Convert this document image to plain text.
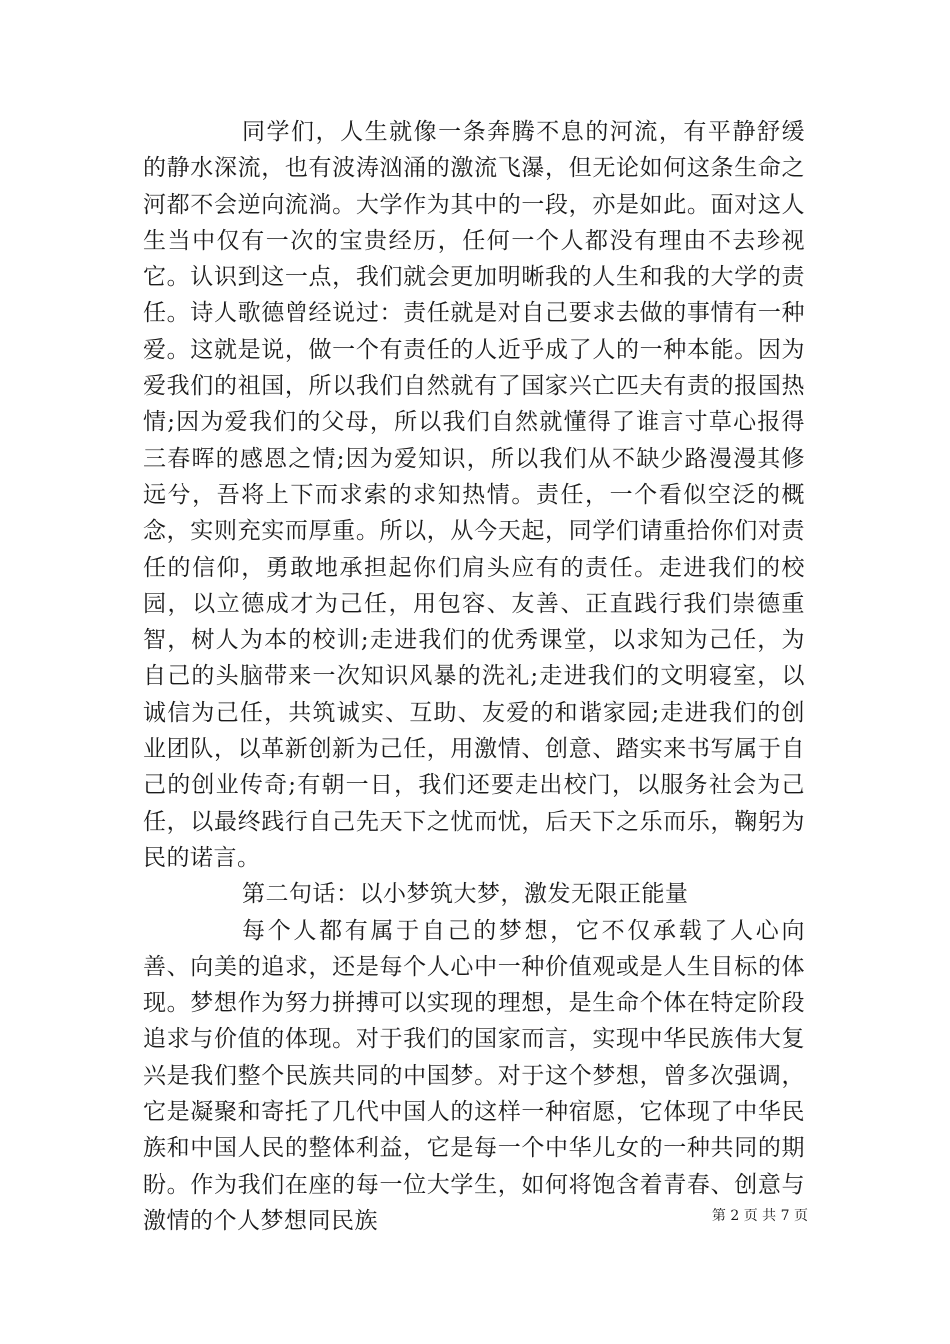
同学们，人生就像一条奔腾不息的河流，有平静舒缓的静水深流，也有波涛汹涌的激流飞瀑，但无论如何这条生命之河都不会逆向流淌。大学作为其中的一段，亦是如此。面对这人生当中仅有一次的宝贵经历，任何一个人都没有理由不去珍视它。认识到这一点，我们就会更加明晰我的人生和我的大学的责任。诗人歌德曾经说过：责任就是对自己要求去做的事情有一种爱。这就是说，做一个有责任的人近乎成了人的一种本能。因为爱我们的祖国，所以我们自然就有了国家兴亡匹夫有责的报国热情;因为爱我们的父母，所以我们自然就懂得了谁言寸草心报得三春晖的感恩之情;因为爱知识，所以我们从不缺少路漫漫其修远兮，吾将上下而求索的求知热情。责任，一个看似空泛的概念，实则充实而厚重。所以，从今天起，同学们请重拾你们对责任的信仰，勇敢地承担起你们肩头应有的责任。走进我们的校园，以立德成才为己任，用包容、友善、正直践行我们崇德重智，树人为本的校训;走进我们的优秀课堂，以求知为己任，为自己的头脑带来一次知识风暴的洗礼;走进我们的文明寝室，以诚信为己任，共筑诚实、互助、友爱的和谐家园;走进我们的创业团队，以革新创新为己任，用激情、创意、踏实来书写属于自己的创业传奇;有朝一日，我们还要走出校门，以服务社会为己任，以最终践行自己先天下之忧而忧，后天下之乐而乐，鞠躬为民的诺言。

第二句话：以小梦筑大梦，激发无限正能量

每个人都有属于自己的梦想，它不仅承载了人心向善、向美的追求，还是每个人心中一种价值观或是人生目标的体现。梦想作为努力拼搏可以实现的理想，是生命个体在特定阶段追求与价值的体现。对于我们的国家而言，实现中华民族伟大复兴是我们整个民族共同的中国梦。对于这个梦想，曾多次强调，它是凝聚和寄托了几代中国人的这样一种宿愿，它体现了中华民族和中国人民的整体利益，它是每一个中华儿女的一种共同的期盼。作为我们在座的每一位大学生，如何将饱含着青春、创意与激情的个人梦想同民族	第 2 页 共 7 页
